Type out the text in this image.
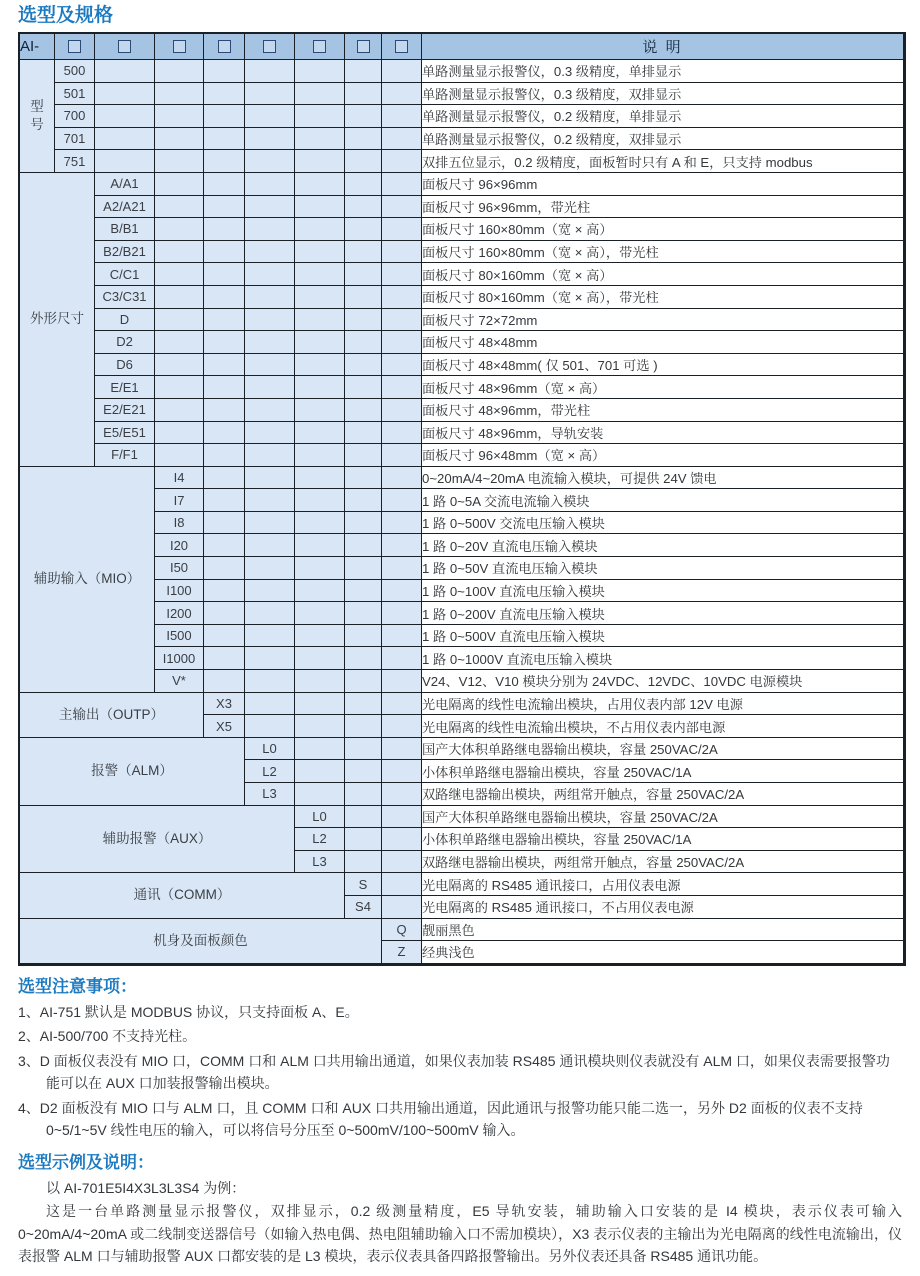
选型及规格
AI-									说 明

型号	500								单路测量显示报警仪，0.3 级精度，单排显示
	501								单路测量显示报警仪，0.3 级精度，双排显示
	700								单路测量显示报警仪，0.2 级精度，单排显示
	701								单路测量显示报警仪，0.2 级精度，双排显示
	751								双排五位显示，0.2 级精度，面板暂时只有 A 和 E，只支持 modbus

外形尺寸		A/A1							面板尺寸 96×96mm
		A2/A21							面板尺寸 96×96mm，带光柱
		B/B1							面板尺寸 160×80mm（宽 × 高）
		B2/B21							面板尺寸 160×80mm（宽 × 高），带光柱
		C/C1							面板尺寸 80×160mm（宽 × 高）
		C3/C31							面板尺寸 80×160mm（宽 × 高），带光柱
		D							面板尺寸 72×72mm
		D2							面板尺寸 48×48mm
		D6							面板尺寸 48×48mm( 仅 501、701 可选 )
		E/E1							面板尺寸 48×96mm（宽 × 高）
		E2/E21							面板尺寸 48×96mm，带光柱
		E5/E51							面板尺寸 48×96mm，导轨安装
		F/F1							面板尺寸 96×48mm（宽 × 高）

辅助输入（MIO）			I4						0~20mA/4~20mA 电流输入模块，可提供 24V 馈电
			I7						1 路 0~5A 交流电流输入模块
			I8						1 路 0~500V 交流电压输入模块
			I20						1 路 0~20V 直流电压输入模块
			I50						1 路 0~50V 直流电压输入模块
			I100						1 路 0~100V 直流电压输入模块
			I200						1 路 0~200V 直流电压输入模块
			I500						1 路 0~500V 直流电压输入模块
			I1000						1 路 0~1000V 直流电压输入模块
			V*						V24、V12、V10 模块分别为 24VDC、12VDC、10VDC 电源模块

主输出（OUTP）				X3					光电隔离的线性电流输出模块，占用仪表内部 12V 电源
				X5					光电隔离的线性电流输出模块，不占用仪表内部电源

报警（ALM）					L0				国产大体积单路继电器输出模块，容量 250VAC/2A
					L2				小体积单路继电器输出模块，容量 250VAC/1A
					L3				双路继电器输出模块，两组常开触点，容量 250VAC/2A

辅助报警（AUX）						L0			国产大体积单路继电器输出模块，容量 250VAC/2A
						L2			小体积单路继电器输出模块，容量 250VAC/1A
						L3			双路继电器输出模块，两组常开触点，容量 250VAC/2A

通讯（COMM）							S		光电隔离的 RS485 通讯接口，占用仪表电源
							S4		光电隔离的 RS485 通讯接口，不占用仪表电源

机身及面板颜色								Q	靓丽黑色
								Z	经典浅色
选型注意事项：

1、AI-751 默认是 MODBUS 协议，只支持面板 A、E。

2、AI-500/700 不支持光柱。

3、D 面板仪表没有 MIO 口，COMM 口和 ALM 口共用输出通道，如果仪表加装 RS485 通讯模块则仪表就没有 ALM 口，如果仪表需要报警功能可以在 AUX 口加装报警输出模块。

4、D2 面板没有 MIO 口与 ALM 口，且 COMM 口和 AUX 口共用输出通道，因此通讯与报警功能只能二选一，另外 D2 面板的仪表不支持 0~5/1~5V 线性电压的输入，可以将信号分压至 0~500mV/100~500mV 输入。

选型示例及说明：

以 AI-701E5I4X3L3L3S4 为例：

这是一台单路测量显示报警仪，双排显示，0.2 级测量精度，E5 导轨安装，辅助输入口安装的是 I4 模块，表示仪表可输入 0~20mA/4~20mA 或二线制变送器信号（如输入热电偶、热电阻辅助输入口不需加模块），X3 表示仪表的主输出为光电隔离的线性电流输出，仪表报警 ALM 口与辅助报警 AUX 口都安装的是 L3 模块，表示仪表具备四路报警输出。另外仪表还具备 RS485 通讯功能。
